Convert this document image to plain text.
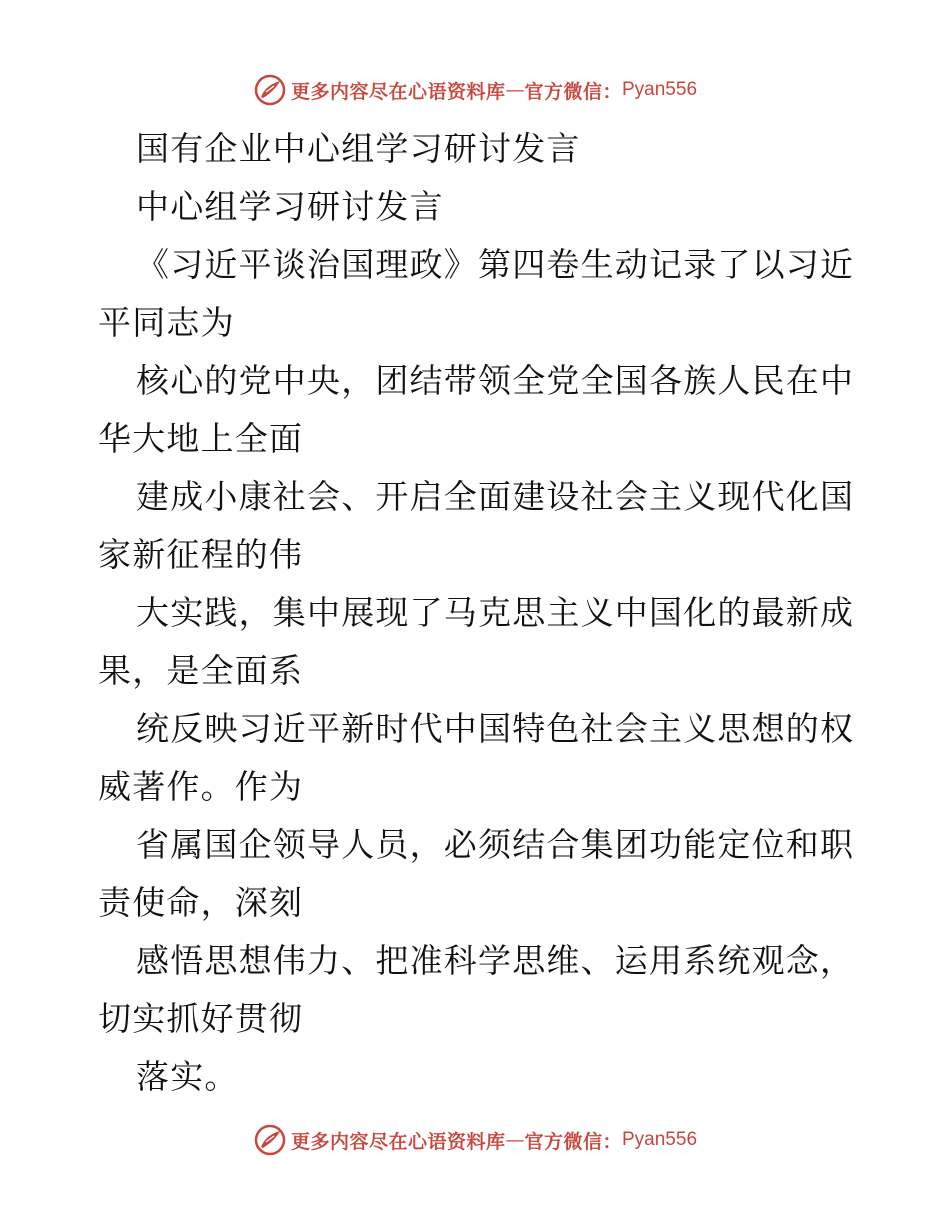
更多内容尽在心语资料库 — 官方微信： Pyan556
国有企业中心组学习研讨发言
中心组学习研讨发言
《习近平谈治国理政》第四卷生动记录了以习近
平同志为
核心的党中央，团结带领全党全国各族人民在中
华大地上全面
建成小康社会、开启全面建设社会主义现代化国
家新征程的伟
大实践，集中展现了马克思主义中国化的最新成
果，是全面系
统反映习近平新时代中国特色社会主义思想的权
威著作。作为
省属国企领导人员，必须结合集团功能定位和职
责使命，深刻
感悟思想伟力、把准科学思维、运用系统观念，
切实抓好贯彻
落实。
更多内容尽在心语资料库 — 官方微信： Pyan556
